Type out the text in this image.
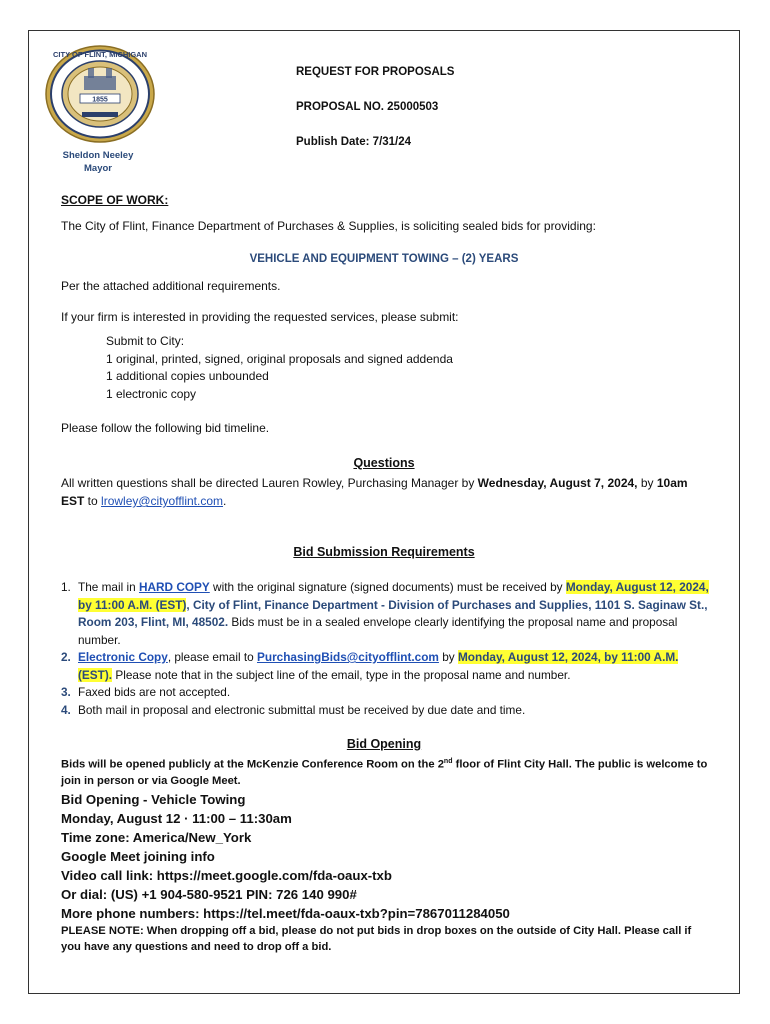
1855
CITY OF FLINT, MICHIGAN
Sheldon Neeley
Mayor
REQUEST FOR PROPOSALS
PROPOSAL NO. 25000503
Publish Date: 7/31/24
SCOPE OF WORK:
The City of Flint, Finance Department of Purchases & Supplies, is soliciting sealed bids for providing:
VEHICLE AND EQUIPMENT TOWING – (2) YEARS
Per the attached additional requirements.
If your firm is interested in providing the requested services, please submit:
Submit to City:
1 original, printed, signed, original proposals and signed addenda
1 additional copies unbounded
1 electronic copy
Please follow the following bid timeline.
Questions
All written questions shall be directed Lauren Rowley, Purchasing Manager by Wednesday, August 7, 2024, by 10am EST to lrowley@cityofflint.com.
Bid Submission Requirements
1. The mail in HARD COPY with the original signature (signed documents) must be received by Monday, August 12, 2024, by 11:00 A.M. (EST), City of Flint, Finance Department - Division of Purchases and Supplies, 1101 S. Saginaw St., Room 203, Flint, MI, 48502. Bids must be in a sealed envelope clearly identifying the proposal name and proposal number.
2. Electronic Copy, please email to PurchasingBids@cityofflint.com by Monday, August 12, 2024, by 11:00 A.M. (EST). Please note that in the subject line of the email, type in the proposal name and number.
3. Faxed bids are not accepted.
4. Both mail in proposal and electronic submittal must be received by due date and time.
Bid Opening
Bids will be opened publicly at the McKenzie Conference Room on the 2nd floor of Flint City Hall. The public is welcome to join in person or via Google Meet.
Bid Opening - Vehicle Towing
Monday, August 12 · 11:00 – 11:30am
Time zone: America/New_York
Google Meet joining info
Video call link: https://meet.google.com/fda-oaux-txb
Or dial: (US) +1 904-580-9521 PIN: 726 140 990#
More phone numbers: https://tel.meet/fda-oaux-txb?pin=7867011284050
PLEASE NOTE: When dropping off a bid, please do not put bids in drop boxes on the outside of City Hall. Please call if you have any questions and need to drop off a bid.
